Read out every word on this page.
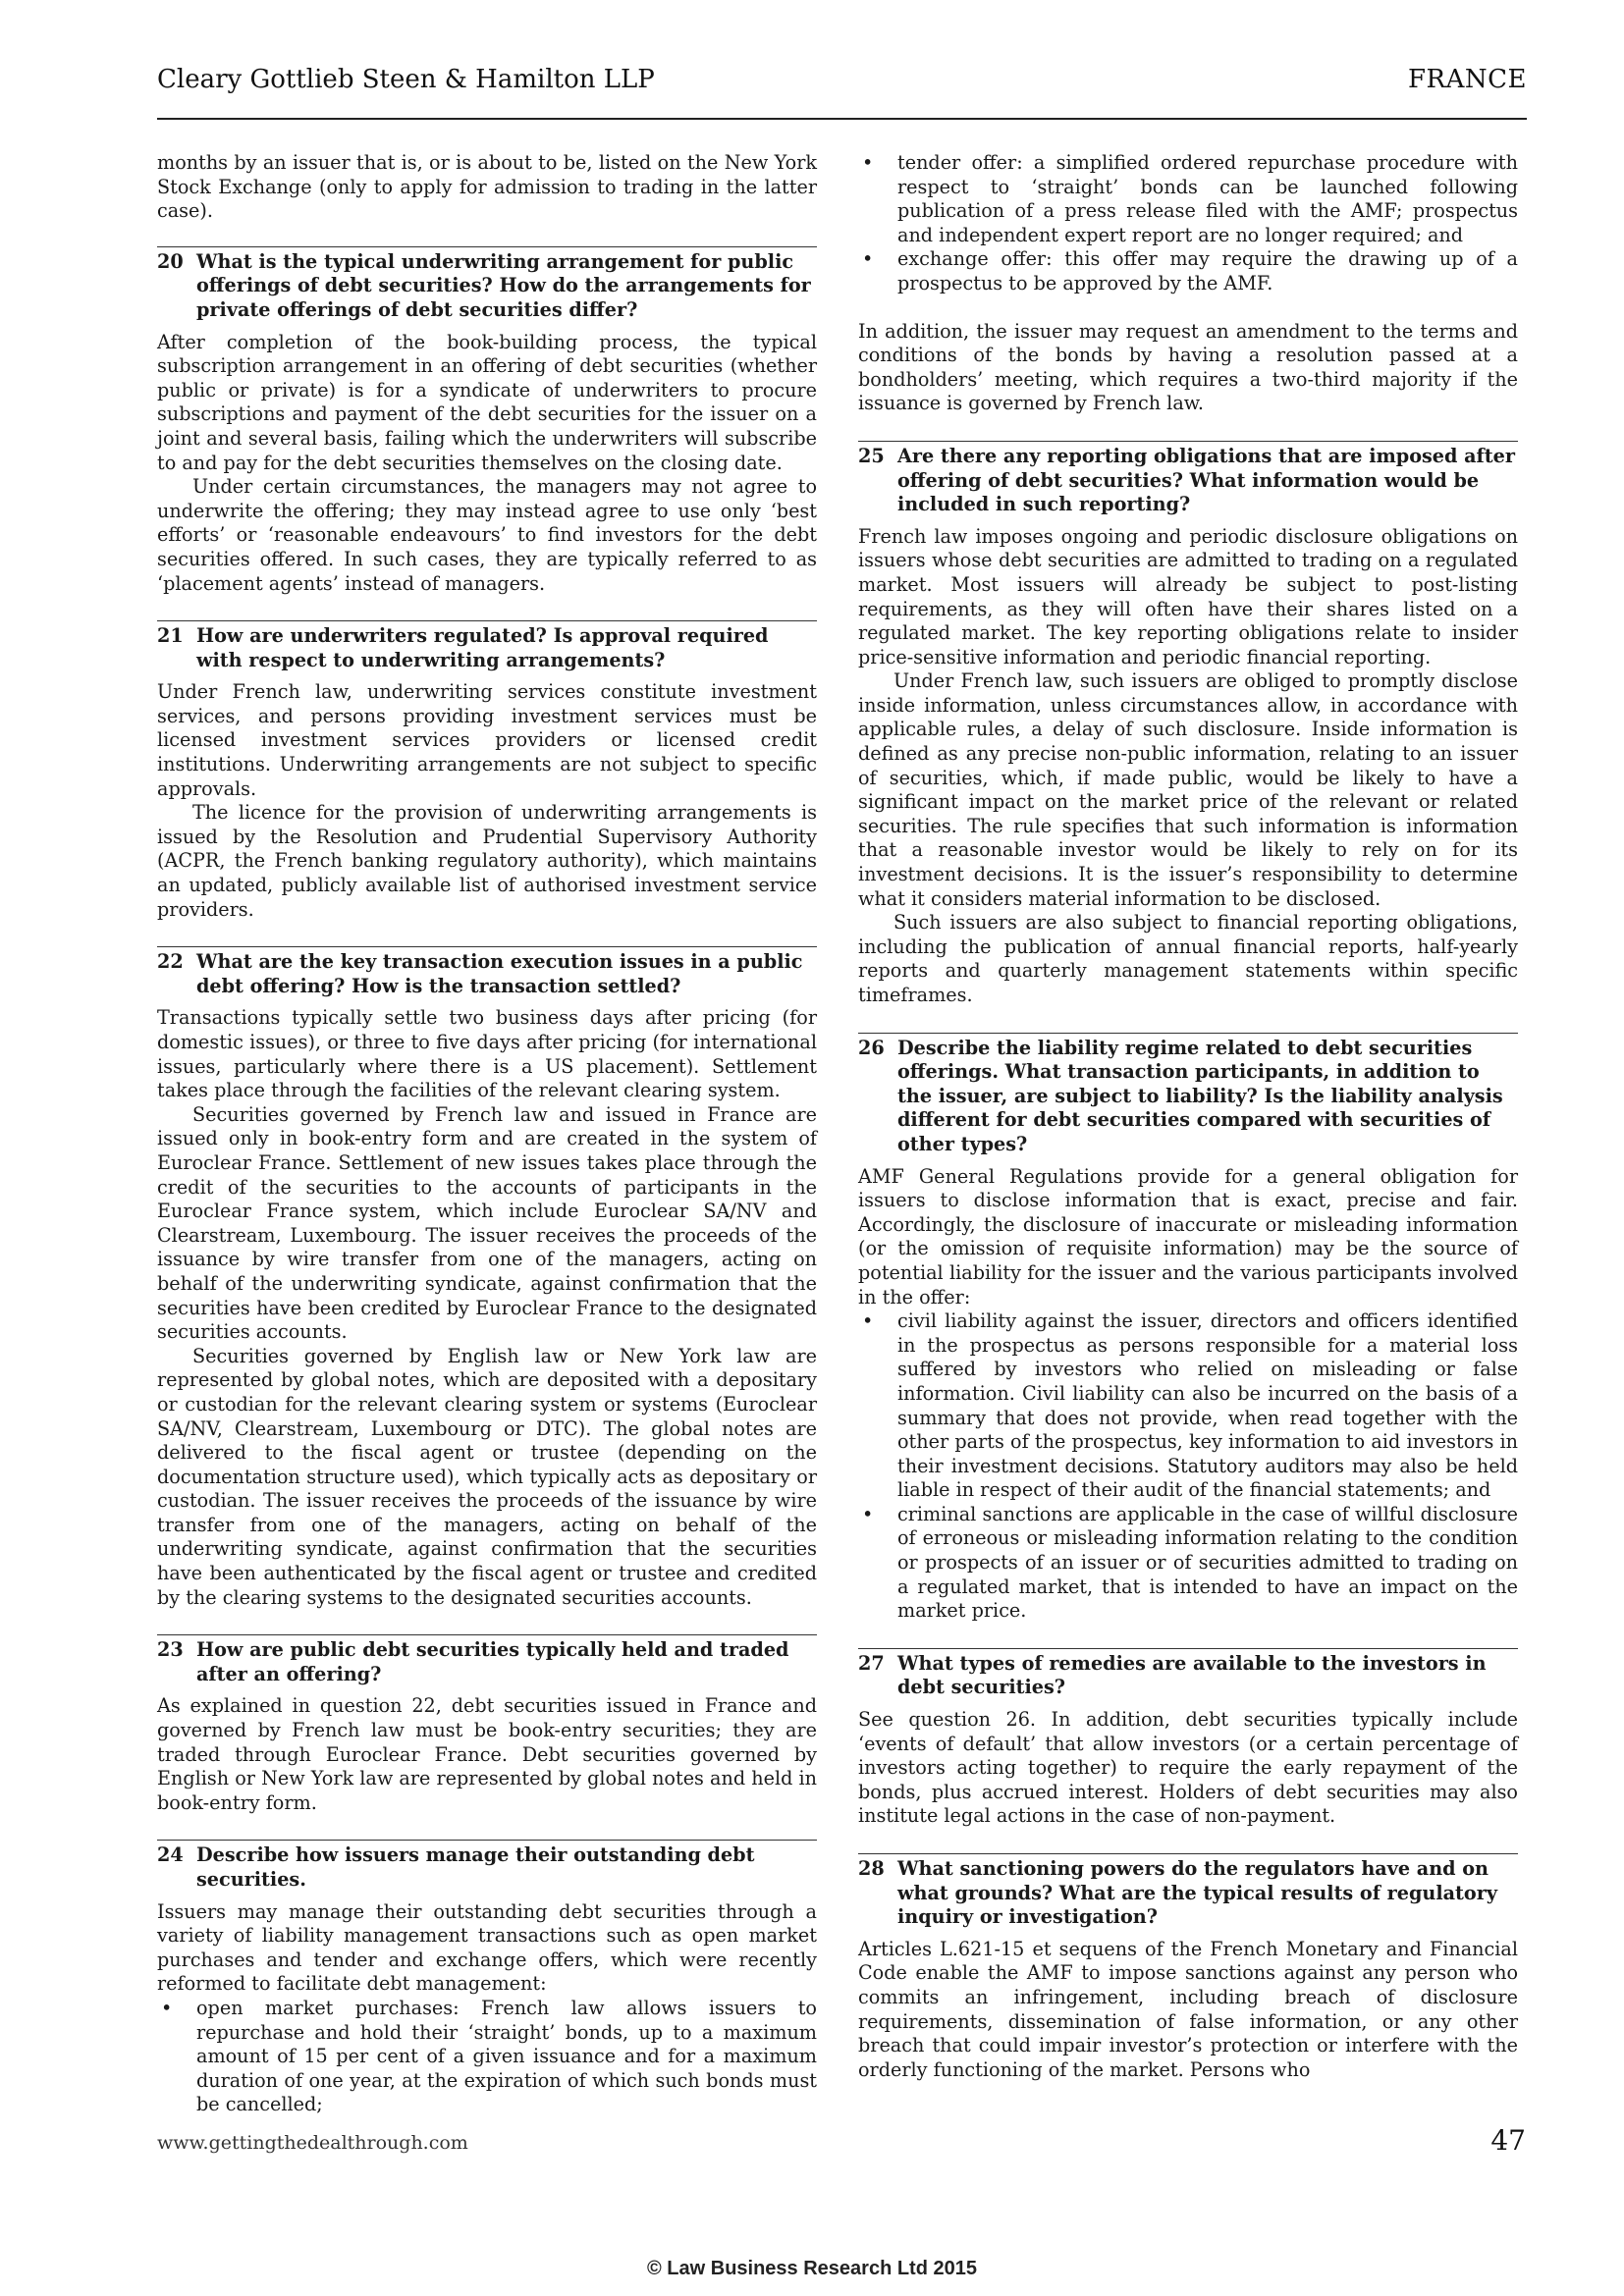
Cleary Gottlieb Steen & Hamilton LLP	FRANCE

months by an issuer that is, or is about to be, listed on the New York Stock Exchange (only to apply for admission to trading in the latter case).

20 What is the typical underwriting arrangement for public offerings of debt securities? How do the arrangements for private offerings of debt securities differ?

After completion of the book-building process, the typical subscription arrangement in an offering of debt securities (whether public or private) is for a syndicate of underwriters to procure subscriptions and payment of the debt securities for the issuer on a joint and several basis, failing which the underwriters will subscribe to and pay for the debt securities themselves on the closing date.

Under certain circumstances, the managers may not agree to underwrite the offering; they may instead agree to use only ‘best efforts’ or ‘reasonable endeavours’ to find investors for the debt securities offered. In such cases, they are typically referred to as ‘placement agents’ instead of managers.

21 How are underwriters regulated? Is approval required with respect to underwriting arrangements?

Under French law, underwriting services constitute investment services, and persons providing investment services must be licensed investment services providers or licensed credit institutions. Underwriting arrangements are not subject to specific approvals.

The licence for the provision of underwriting arrangements is issued by the Resolution and Prudential Supervisory Authority (ACPR, the French banking regulatory authority), which maintains an updated, publicly available list of authorised investment service providers.

22 What are the key transaction execution issues in a public debt offering? How is the transaction settled?

Transactions typically settle two business days after pricing (for domestic issues), or three to five days after pricing (for international issues, particularly where there is a US placement). Settlement takes place through the facilities of the relevant clearing system.

Securities governed by French law and issued in France are issued only in book-entry form and are created in the system of Euroclear France. Settlement of new issues takes place through the credit of the securities to the accounts of participants in the Euroclear France system, which include Euroclear SA/NV and Clearstream, Luxembourg. The issuer receives the proceeds of the issuance by wire transfer from one of the managers, acting on behalf of the underwriting syndicate, against confirmation that the securities have been credited by Euroclear France to the designated securities accounts.

Securities governed by English law or New York law are represented by global notes, which are deposited with a depositary or custodian for the relevant clearing system or systems (Euroclear SA/NV, Clearstream, Luxembourg or DTC). The global notes are delivered to the fiscal agent or trustee (depending on the documentation structure used), which typically acts as depositary or custodian. The issuer receives the proceeds of the issuance by wire transfer from one of the managers, acting on behalf of the underwriting syndicate, against confirmation that the securities have been authenticated by the fiscal agent or trustee and credited by the clearing systems to the designated securities accounts.

23 How are public debt securities typically held and traded after an offering?

As explained in question 22, debt securities issued in France and governed by French law must be book-entry securities; they are traded through Euroclear France. Debt securities governed by English or New York law are represented by global notes and held in book-entry form.

24 Describe how issuers manage their outstanding debt securities.

Issuers may manage their outstanding debt securities through a variety of liability management transactions such as open market purchases and tender and exchange offers, which were recently reformed to facilitate debt management:

• open market purchases: French law allows issuers to repurchase and hold their ‘straight’ bonds, up to a maximum amount of 15 per cent of a given issuance and for a maximum duration of one year, at the expiration of which such bonds must be cancelled;
• tender offer: a simplified ordered repurchase procedure with respect to ‘straight’ bonds can be launched following publication of a press release filed with the AMF; prospectus and independent expert report are no longer required; and
• exchange offer: this offer may require the drawing up of a prospectus to be approved by the AMF.

In addition, the issuer may request an amendment to the terms and conditions of the bonds by having a resolution passed at a bondholders’ meeting, which requires a two-third majority if the issuance is governed by French law.

25 Are there any reporting obligations that are imposed after offering of debt securities? What information would be included in such reporting?

French law imposes ongoing and periodic disclosure obligations on issuers whose debt securities are admitted to trading on a regulated market. Most issuers will already be subject to post-listing requirements, as they will often have their shares listed on a regulated market. The key reporting obligations relate to insider price-sensitive information and periodic financial reporting.

Under French law, such issuers are obliged to promptly disclose inside information, unless circumstances allow, in accordance with applicable rules, a delay of such disclosure. Inside information is defined as any precise non-public information, relating to an issuer of securities, which, if made public, would be likely to have a significant impact on the market price of the relevant or related securities. The rule specifies that such information is information that a reasonable investor would be likely to rely on for its investment decisions. It is the issuer’s responsibility to determine what it considers material information to be disclosed.

Such issuers are also subject to financial reporting obligations, including the publication of annual financial reports, half-yearly reports and quarterly management statements within specific timeframes.

26 Describe the liability regime related to debt securities offerings. What transaction participants, in addition to the issuer, are subject to liability? Is the liability analysis different for debt securities compared with securities of other types?

AMF General Regulations provide for a general obligation for issuers to disclose information that is exact, precise and fair. Accordingly, the disclosure of inaccurate or misleading information (or the omission of requisite information) may be the source of potential liability for the issuer and the various participants involved in the offer:

• civil liability against the issuer, directors and officers identified in the prospectus as persons responsible for a material loss suffered by investors who relied on misleading or false information. Civil liability can also be incurred on the basis of a summary that does not provide, when read together with the other parts of the prospectus, key information to aid investors in their investment decisions. Statutory auditors may also be held liable in respect of their audit of the financial statements; and
• criminal sanctions are applicable in the case of willful disclosure of erroneous or misleading information relating to the condition or prospects of an issuer or of securities admitted to trading on a regulated market, that is intended to have an impact on the market price.
27 What types of remedies are available to the investors in debt securities?

See question 26. In addition, debt securities typically include ‘events of default’ that allow investors (or a certain percentage of investors acting together) to require the early repayment of the bonds, plus accrued interest. Holders of debt securities may also institute legal actions in the case of non-payment.

28 What sanctioning powers do the regulators have and on what grounds? What are the typical results of regulatory inquiry or investigation?

Articles L.621-15 et sequens of the French Monetary and Financial Code enable the AMF to impose sanctions against any person who commits an infringement, including breach of disclosure requirements, dissemination of false information, or any other breach that could impair investor’s protection or interfere with the orderly functioning of the market. Persons who

www.gettingthedealthrough.com	47
© Law Business Research Ltd 2015
